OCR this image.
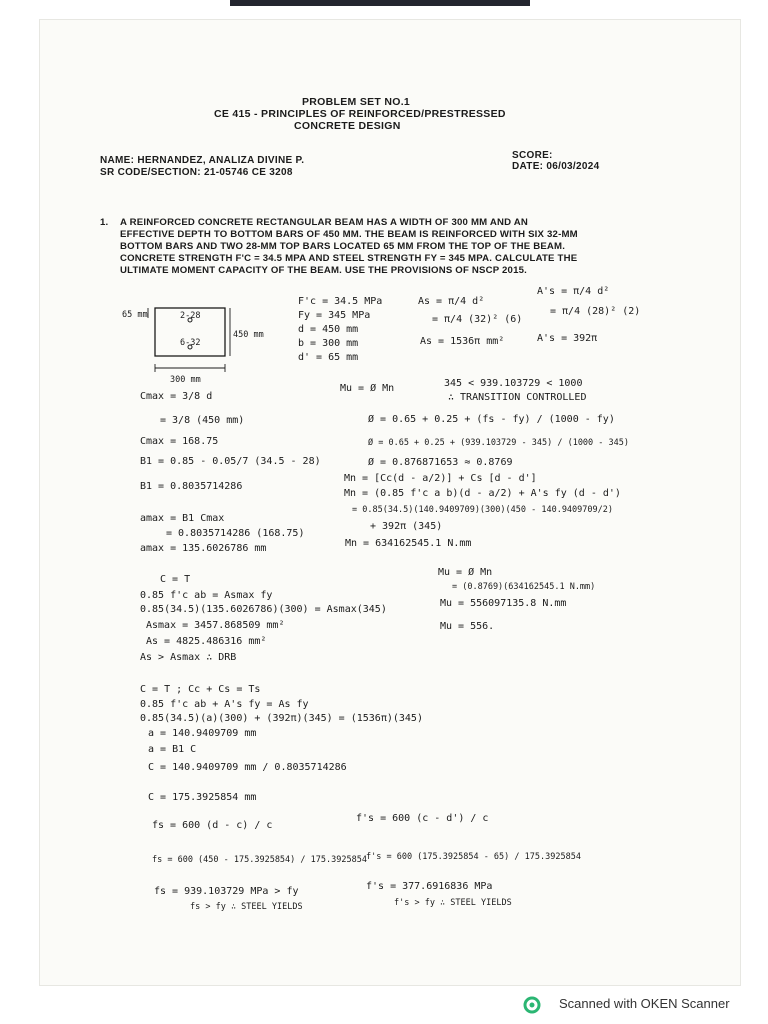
PROBLEM SET NO.1
CE 415 - PRINCIPLES OF REINFORCED/PRESTRESSED
CONCRETE DESIGN
NAME: HERNANDEZ, ANALIZA DIVINE P.
SR CODE/SECTION: 21-05746 CE 3208
SCORE:
DATE: 06/03/2024
1. A REINFORCED CONCRETE RECTANGULAR BEAM HAS A WIDTH OF 300 MM AND AN
EFFECTIVE DEPTH TO BOTTOM BARS OF 450 MM. THE BEAM IS REINFORCED WITH SIX 32-MM
BOTTOM BARS AND TWO 28-MM TOP BARS LOCATED 65 MM FROM THE TOP OF THE BEAM.
CONCRETE STRENGTH F'C = 34.5 MPA AND STEEL STRENGTH FY = 345 MPA. CALCULATE THE
ULTIMATE MOMENT CAPACITY OF THE BEAM. USE THE PROVISIONS OF NSCP 2015.
65 mm	2-28
6-32
450 mm
300 mm
F'c = 34.5 MPa
Fy = 345 MPa
d = 450 mm
b = 300 mm
d' = 65 mm
As = π/4 d²
= π/4 (32)² (6)
As = 1536π mm²
A's = π/4 d²
= π/4 (28)² (2)
A's = 392π
Cmax = 3/8 d
= 3/8 (450 mm)
Cmax = 168.75
B1 = 0.85 - 0.05/7 (34.5 - 28)
B1 = 0.8035714286
amax = B1 Cmax
= 0.8035714286 (168.75)
amax = 135.6026786 mm
Mu = Ø Mn	345 < 939.103729 < 1000
∴ TRANSITION CONTROLLED
Ø = 0.65 + 0.25 + (fs - fy) / (1000 - fy)
Ø = 0.65 + 0.25 + (939.103729 - 345) / (1000 - 345)
Ø = 0.876871653 ≈ 0.8769
Mn = [Cc(d - a/2)] + Cs [d - d']
Mn = (0.85 f'c a b)(d - a/2) + A's fy (d - d')
= 0.85(34.5)(140.9409709)(300)(450 - 140.9409709/2)
+ 392π (345)
Mn = 634162545.1 N.mm
Mu = Ø Mn
= (0.8769)(634162545.1 N.mm)
Mu = 556097135.8 N.mm
Mu = 556.
C = T
0.85 f'c ab = Asmax fy
0.85(34.5)(135.6026786)(300) = Asmax(345)
Asmax = 3457.868509 mm²
As = 4825.486316 mm²
As > Asmax ∴ DRB
C = T ; Cc + Cs = Ts
0.85 f'c ab + A's fy = As fy
0.85(34.5)(a)(300) + (392π)(345) = (1536π)(345)
a = 140.9409709 mm
a = B1 C
C = 140.9409709 mm / 0.8035714286
C = 175.3925854 mm
fs = 600 (d - c) / c
fs = 600 (450 - 175.3925854) / 175.3925854
fs = 939.103729 MPa > fy
fs > fy ∴ STEEL YIELDS
f's = 600 (c - d') / c
f's = 600 (175.3925854 - 65) / 175.3925854
f's = 377.6916836 MPa
f's > fy ∴ STEEL YIELDS
Scanned with OKEN Scanner
